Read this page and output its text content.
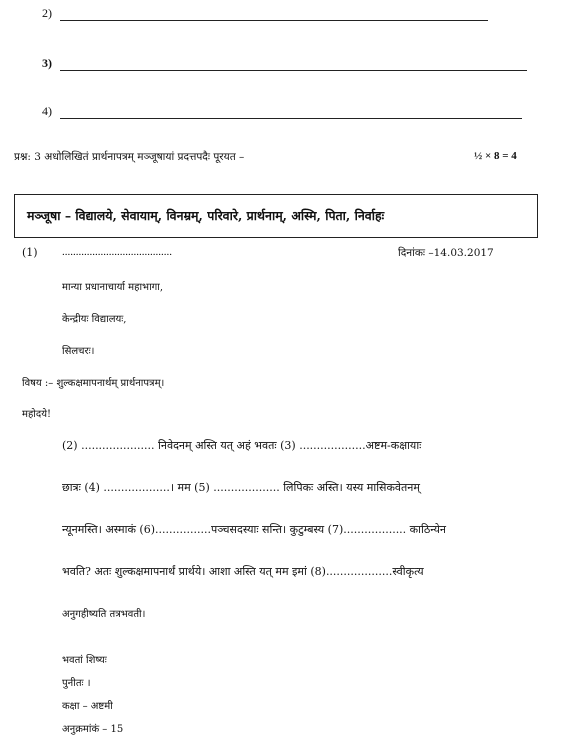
2)
3)
4)
प्रश्न: 3 अधोलिखितं प्रार्थनापत्रम् मञ्जूषायां प्रदत्तपदैः पूरयत –	½ × 8 = 4
मञ्जूषा – विद्यालये, सेवायाम्, विनम्रम्, परिवारे, प्रार्थनाम्, अस्मि, पिता, निर्वाहः
(1) ........................................	दिनांकः –14.03.2017
मान्या प्रधानाचार्या महाभागा,
केन्द्रीयः विद्यालयः,
सिलचरः।
विषय :– शुल्कक्षमापनार्थम् प्रार्थनापत्रम्।
महोदये!
(2) ..................... निवेदनम् अस्ति यत् अहं भवतः (3) ...................अष्टम-कक्षायाः
छात्रः (4) ...................। मम (5) ................... लिपिकः अस्ति। यस्य मासिकवेतनम्
न्यूनमस्ति। अस्माकं (6)................पञ्चसदस्याः सन्ति। कुटुम्बस्य (7).................. काठिन्येन
भवति? अतः शुल्कक्षमापनार्थं प्रार्थये। आशा अस्ति यत् मम इमां (8)...................स्वीकृत्य
अनुगहीष्यति तत्रभवती।
भवतां शिष्यः
पुनीतः ।
कक्षा – अष्टमी
अनुक्रमांकं – 15
